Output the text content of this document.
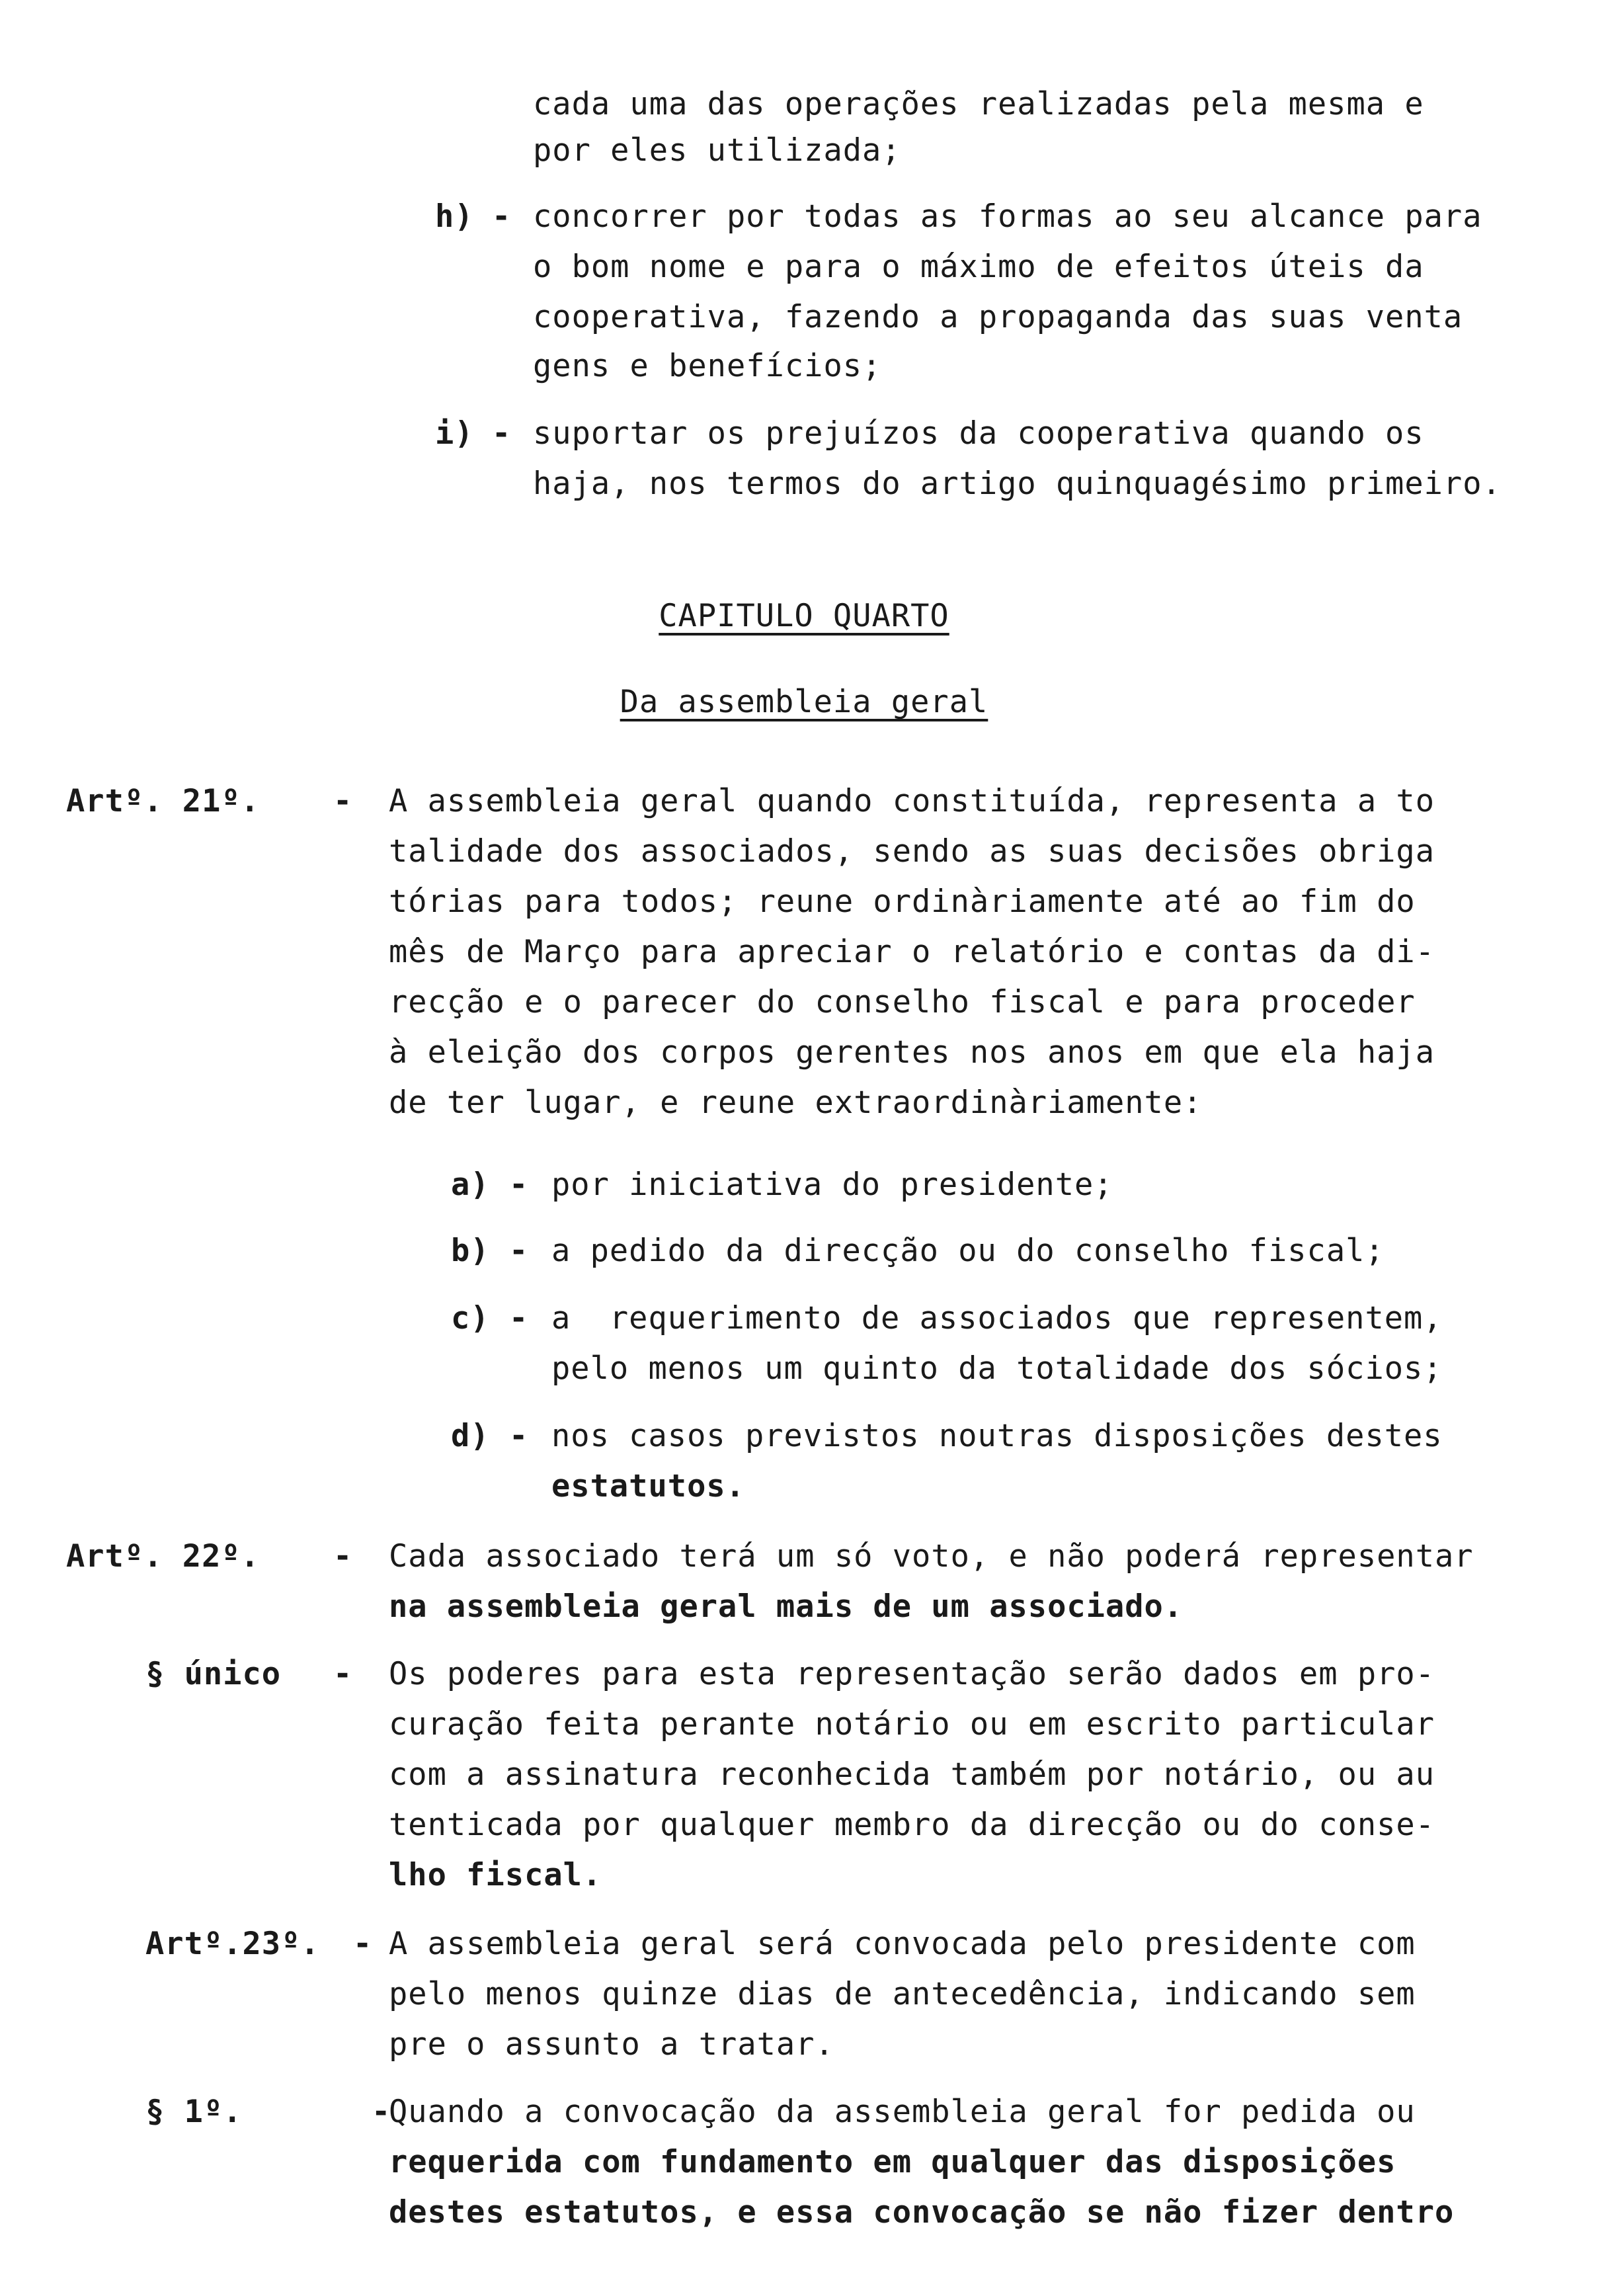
cada uma das operações realizadas pela mesma e
por eles utilizada;
h) - concorrer por todas as formas ao seu alcance para
o bom nome e para o máximo de efeitos úteis da
cooperativa, fazendo a propaganda das suas venta
gens e benefícios;
i) - suportar os prejuízos da cooperativa quando os
haja, nos termos do artigo quinquagésimo primeiro.
CAPITULO QUARTO
Da assembleia geral
Artº. 21º. - A assembleia geral quando constituída, representa a to
talidade dos associados, sendo as suas decisões obriga
tórias para todos; reune ordinàriamente até ao fim do
mês de Março para apreciar o relatório e contas da di-
recção e o parecer do conselho fiscal e para proceder
à eleição dos corpos gerentes nos anos em que ela haja
de ter lugar, e reune extraordinàriamente:
a) - por iniciativa do presidente;
b) - a pedido da direcção ou do conselho fiscal;
c) - a  requerimento de associados que representem,
pelo menos um quinto da totalidade dos sócios;
d) - nos casos previstos noutras disposições destes
estatutos.
Artº. 22º. - Cada associado terá um só voto, e não poderá representar
na assembleia geral mais de um associado.
§ único - Os poderes para esta representação serão dados em pro-
curação feita perante notário ou em escrito particular
com a assinatura reconhecida também por notário, ou au
tenticada por qualquer membro da direcção ou do conse-
lho fiscal.
Artº.23º. - A assembleia geral será convocada pelo presidente com
pelo menos quinze dias de antecedência, indicando sem
pre o assunto a tratar.
§ 1º.	-
Quando a convocação da assembleia geral for pedida ou
requerida com fundamento em qualquer das disposições
destes estatutos, e essa convocação se não fizer dentro
